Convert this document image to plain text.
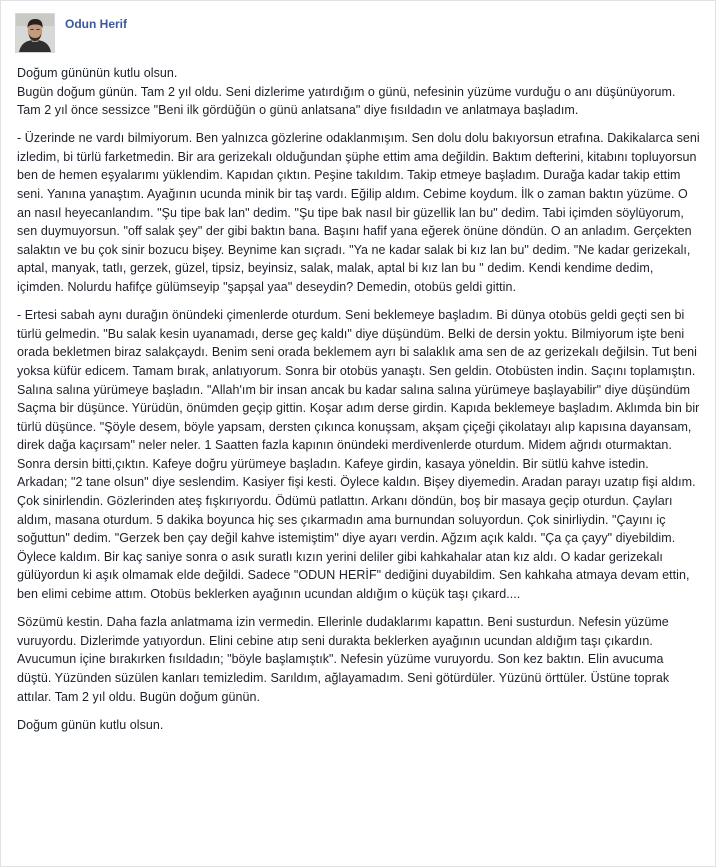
Odun Herif

Doğum gününün kutlu olsun.
Bugün doğum günün. Tam 2 yıl oldu. Seni dizlerime yatırdığım o günü, nefesinin yüzüme vurduğu o anı düşünüyorum. Tam 2 yıl önce sessizce "Beni ilk gördüğün o günü anlatsana" diye fısıldadın ve anlatmaya başladım.

- Üzerinde ne vardı bilmiyorum. Ben yalnızca gözlerine odaklanmışım. Sen dolu dolu bakıyorsun etrafına. Dakikalarca seni izledim, bi türlü farketmedin. Bir ara gerizekalı olduğundan şüphe ettim ama değildin. Baktım defterini, kitabını topluyorsun ben de hemen eşyalarımı yüklendim. Kapıdan çıktın. Peşine takıldım. Takip etmeye başladım. Durağa kadar takip ettim seni. Yanına yanaştım. Ayağının ucunda minik bir taş vardı. Eğilip aldım. Cebime koydum. İlk o zaman baktın yüzüme. O an nasıl heyecanlandım. "Şu tipe bak lan" dedim. "Şu tipe bak nasıl bir güzellik lan bu" dedim. Tabi içimden söylüyorum, sen duymuyorsun. "off salak şey" der gibi baktın bana. Başını hafif yana eğerek önüne döndün. O an anladım. Gerçekten salaktın ve bu çok sinir bozucu bişey. Beynime kan sıçradı. "Ya ne kadar salak bi kız lan bu" dedim. "Ne kadar gerizekalı, aptal, manyak, tatlı, gerzek, güzel, tipsiz, beyinsiz, salak, malak, aptal bi kız lan bu " dedim. Kendi kendime dedim, içimden. Nolurdu hafifçe gülümseyip "şapşal yaa" deseydin? Demedin, otobüs geldi gittin.

- Ertesi sabah aynı durağın önündeki çimenlerde oturdum. Seni beklemeye başladım. Bi dünya otobüs geldi geçti sen bi türlü gelmedin. "Bu salak kesin uyanamadı, derse geç kaldı" diye düşündüm. Belki de dersin yoktu. Bilmiyorum işte beni orada bekletmen biraz salakçaydı. Benim seni orada beklemem ayrı bi salaklık ama sen de az gerizekalı değilsin. Tut beni yoksa küfür edicem. Tamam bırak, anlatıyorum. Sonra bir otobüs yanaştı. Sen geldin. Otobüsten indin. Saçını toplamıştın. Salına salına yürümeye başladın. "Allah'ım bir insan ancak bu kadar salına salına yürümeye başlayabilir" diye düşündüm Saçma bir düşünce. Yürüdün, önümden geçip gittin. Koşar adım derse girdin. Kapıda beklemeye başladım. Aklımda bin bir türlü düşünce. "Şöyle desem, böyle yapsam, dersten çıkınca konuşsam, akşam çiçeği çikolatayı alıp kapısına dayansam, direk dağa kaçırsam" neler neler. 1 Saatten fazla kapının önündeki merdivenlerde oturdum. Midem ağrıdı oturmaktan. Sonra dersin bitti,çıktın. Kafeye doğru yürümeye başladın. Kafeye girdin, kasaya yöneldin. Bir sütlü kahve istedin. Arkadan; "2 tane olsun" diye seslendim. Kasiyer fişi kesti. Öylece kaldın. Bişey diyemedin. Aradan parayı uzatıp fişi aldım. Çok sinirlendin. Gözlerinden ateş fışkırıyordu. Ödümü patlattın. Arkanı döndün, boş bir masaya geçip oturdun. Çayları aldım, masana oturdum. 5 dakika boyunca hiç ses çıkarmadın ama burnundan soluyordun. Çok sinirliydin. "Çayını iç soğuttun" dedim. "Gerzek ben çay değil kahve istemiştim" diye ayarı verdin. Ağzım açık kaldı. "Ça ça çayy" diyebildim. Öylece kaldım. Bir kaç saniye sonra o asık suratlı kızın yerini deliler gibi kahkahalar atan kız aldı. O kadar gerizekalı gülüyordun ki aşık olmamak elde değildi. Sadece "ODUN HERİF" dediğini duyabildim. Sen kahkaha atmaya devam ettin, ben elimi cebime attım. Otobüs beklerken ayağının ucundan aldığım o küçük taşı çıkard....

Sözümü kestin. Daha fazla anlatmama izin vermedin. Ellerinle dudaklarımı kapattın. Beni susturdun. Nefesin yüzüme vuruyordu. Dizlerimde yatıyordun. Elini cebine atıp seni durakta beklerken ayağının ucundan aldığım taşı çıkardın. Avucumun içine bırakırken fısıldadın; "böyle başlamıştık". Nefesin yüzüme vuruyordu. Son kez baktın. Elin avucuma düştü. Yüzünden süzülen kanları temizledim. Sarıldım, ağlayamadım. Seni götürdüler. Yüzünü örttüler. Üstüne toprak attılar. Tam 2 yıl oldu. Bugün doğum günün.

Doğum günün kutlu olsun.
